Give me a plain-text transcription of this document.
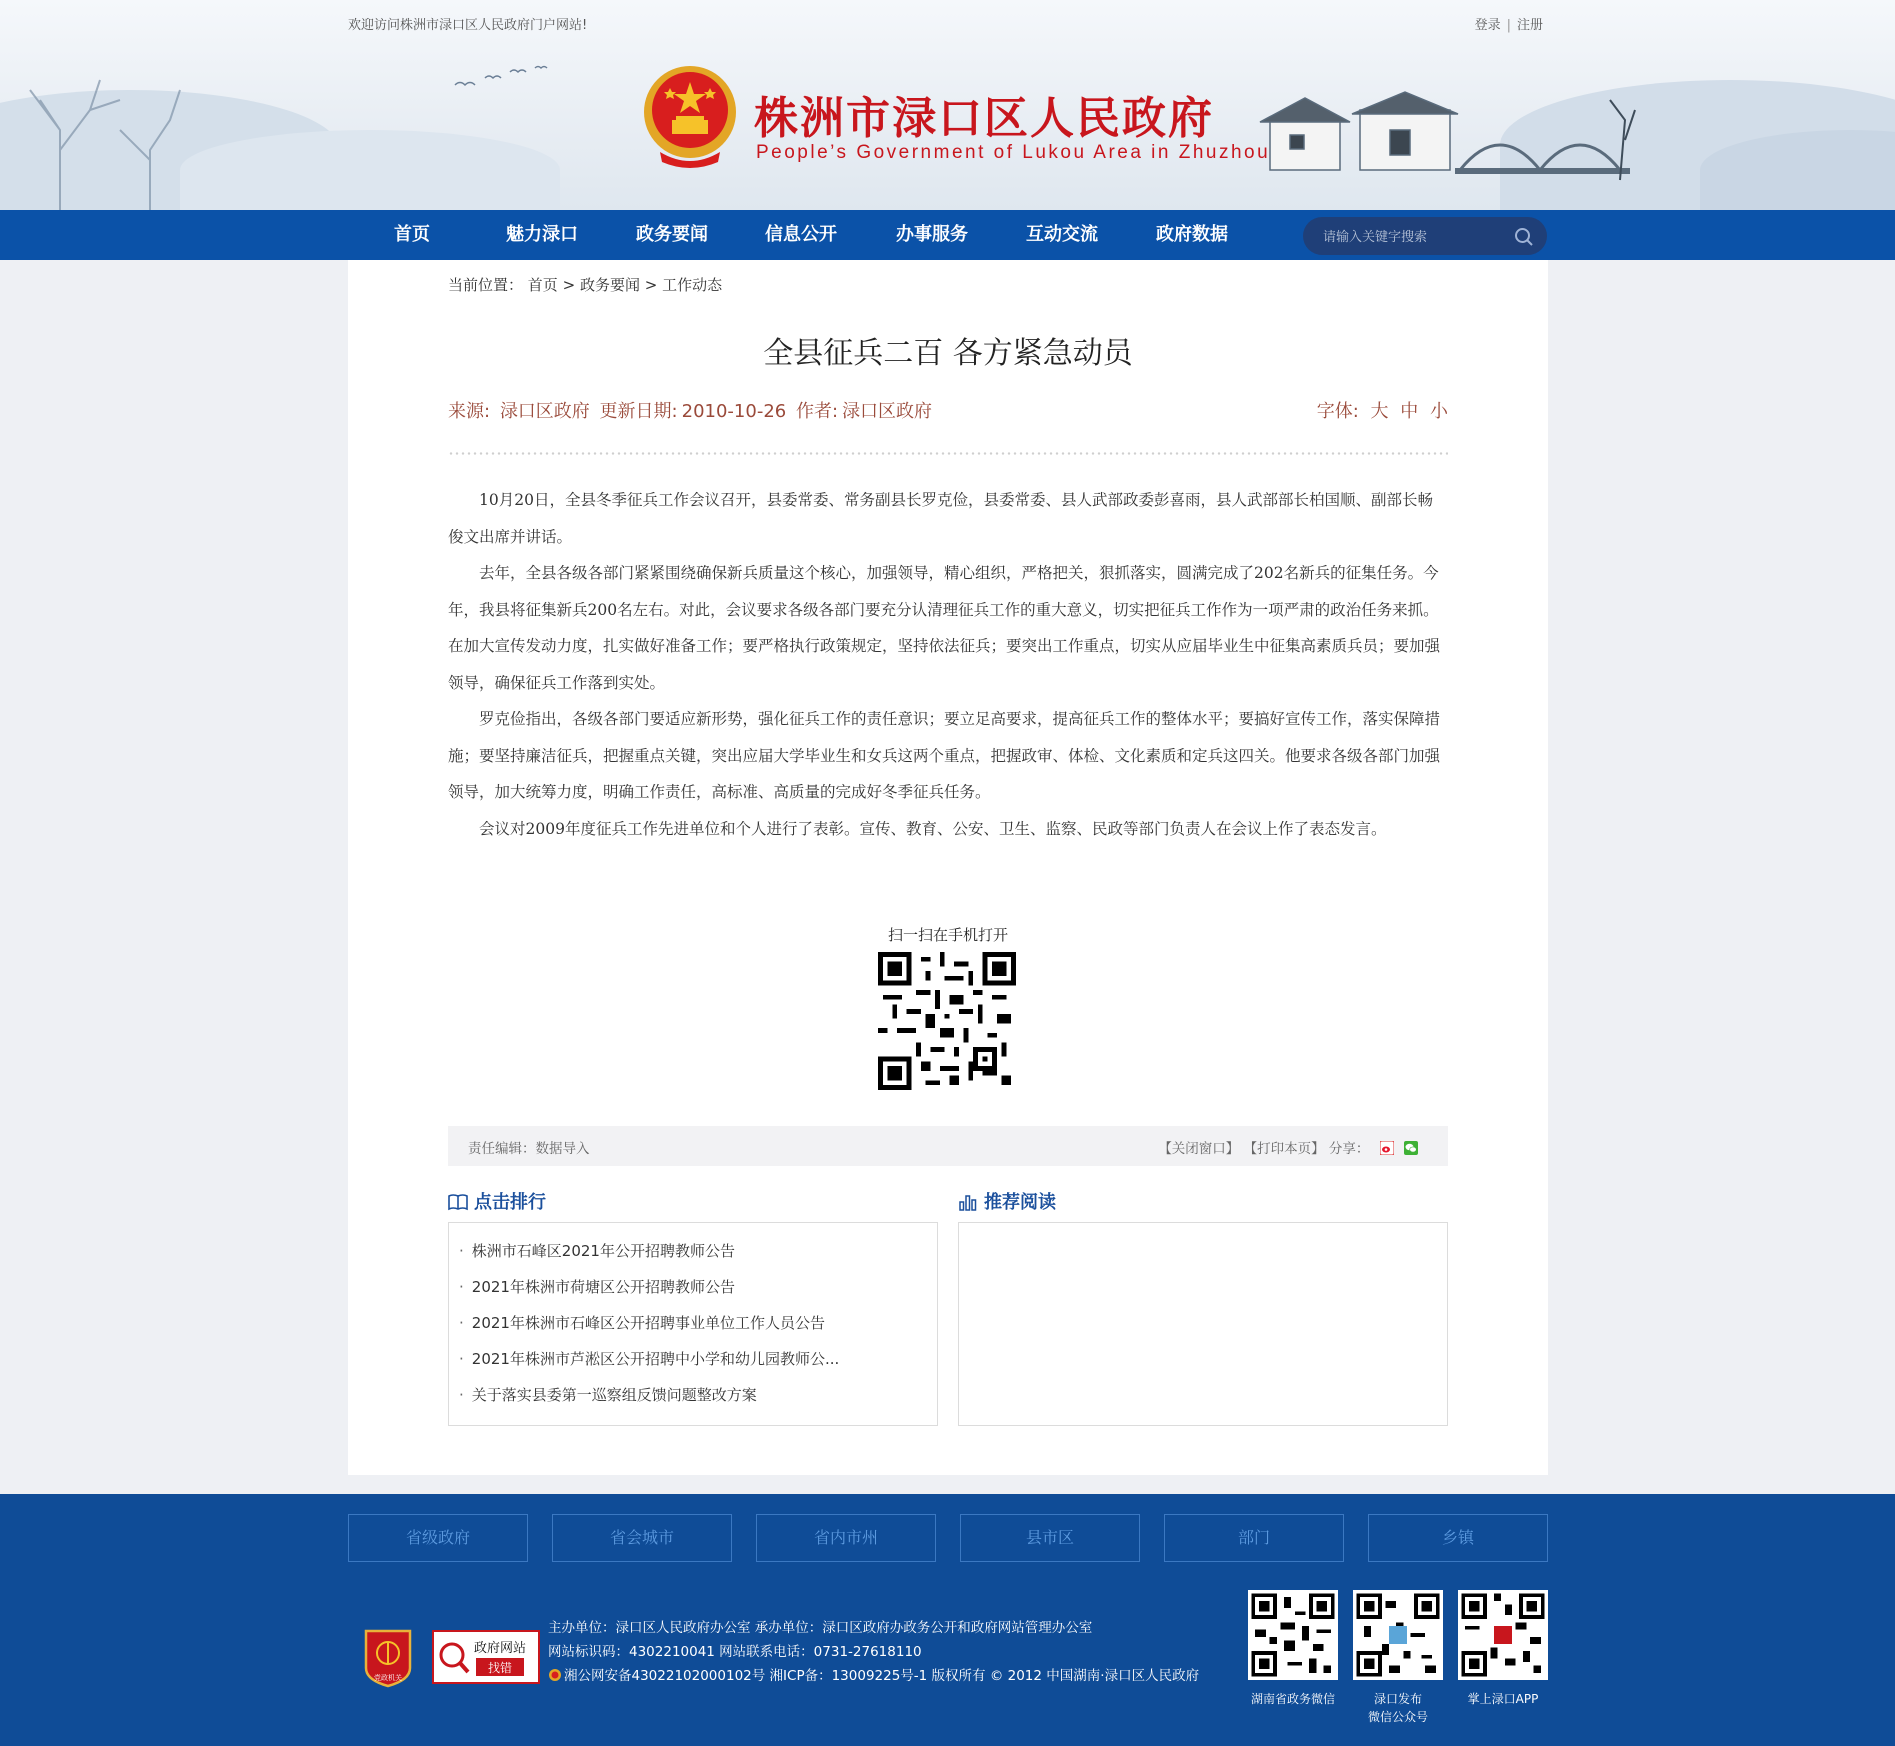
欢迎访问株洲市渌口区人民政府门户网站!	登录 | 注册
株洲市渌口区人民政府
People’s Government of Lukou Area in Zhuzhou
首页	魅力渌口	政务要闻	信息公开	办事服务	互动交流	政府数据
请输入关键字搜索
当前位置： 首页 > 政务要闻 > 工作动态
全县征兵二百 各方紧急动员
来源: 渌口区政府 更新日期: 2010-10-26 作者: 渌口区政府	字体: 大 中 小

10月20日，全县冬季征兵工作会议召开，县委常委、常务副县长罗克俭，县委常委、县人武部政委彭喜雨，县人武部部长柏国顺、副部长畅俊文出席并讲话。

去年，全县各级各部门紧紧围绕确保新兵质量这个核心，加强领导，精心组织，严格把关，狠抓落实，圆满完成了202名新兵的征集任务。今年，我县将征集新兵200名左右。对此，会议要求各级各部门要充分认清理征兵工作的重大意义，切实把征兵工作作为一项严肃的政治任务来抓。在加大宣传发动力度，扎实做好准备工作；要严格执行政策规定，坚持依法征兵；要突出工作重点，切实从应届毕业生中征集高素质兵员；要加强领导，确保征兵工作落到实处。

罗克俭指出，各级各部门要适应新形势，强化征兵工作的责任意识；要立足高要求，提高征兵工作的整体水平；要搞好宣传工作，落实保障措施；要坚持廉洁征兵，把握重点关键，突出应届大学毕业生和女兵这两个重点，把握政审、体检、文化素质和定兵这四关。他要求各级各部门加强领导，加大统筹力度，明确工作责任，高标准、高质量的完成好冬季征兵任务。

会议对2009年度征兵工作先进单位和个人进行了表彰。宣传、教育、公安、卫生、监察、民政等部门负责人在会议上作了表态发言。

扫一扫在手机打开
责任编辑：数据导入	【关闭窗口】 【打印本页】 分享：
点击排行	推荐阅读
· 株洲市石峰区2021年公开招聘教师公告
· 2021年株洲市荷塘区公开招聘教师公告
· 2021年株洲市石峰区公开招聘事业单位工作人员公告
· 2021年株洲市芦淞区公开招聘中小学和幼儿园教师公...
· 关于落实县委第一巡察组反馈问题整改方案
省级政府	省会城市	省内市州	县市区	部门	乡镇
党政机关
政府网站
找错
主办单位：渌口区人民政府办公室 承办单位：渌口区政府办政务公开和政府网站管理办公室
网站标识码：4302210041 网站联系电话：0731-27618110
湘公网安备43022102000102号 湘ICP备：13009225号-1 版权所有 © 2012 中国湖南·渌口区人民政府
湖南省政务微信	渌口发布
微信公众号
掌上渌口APP
